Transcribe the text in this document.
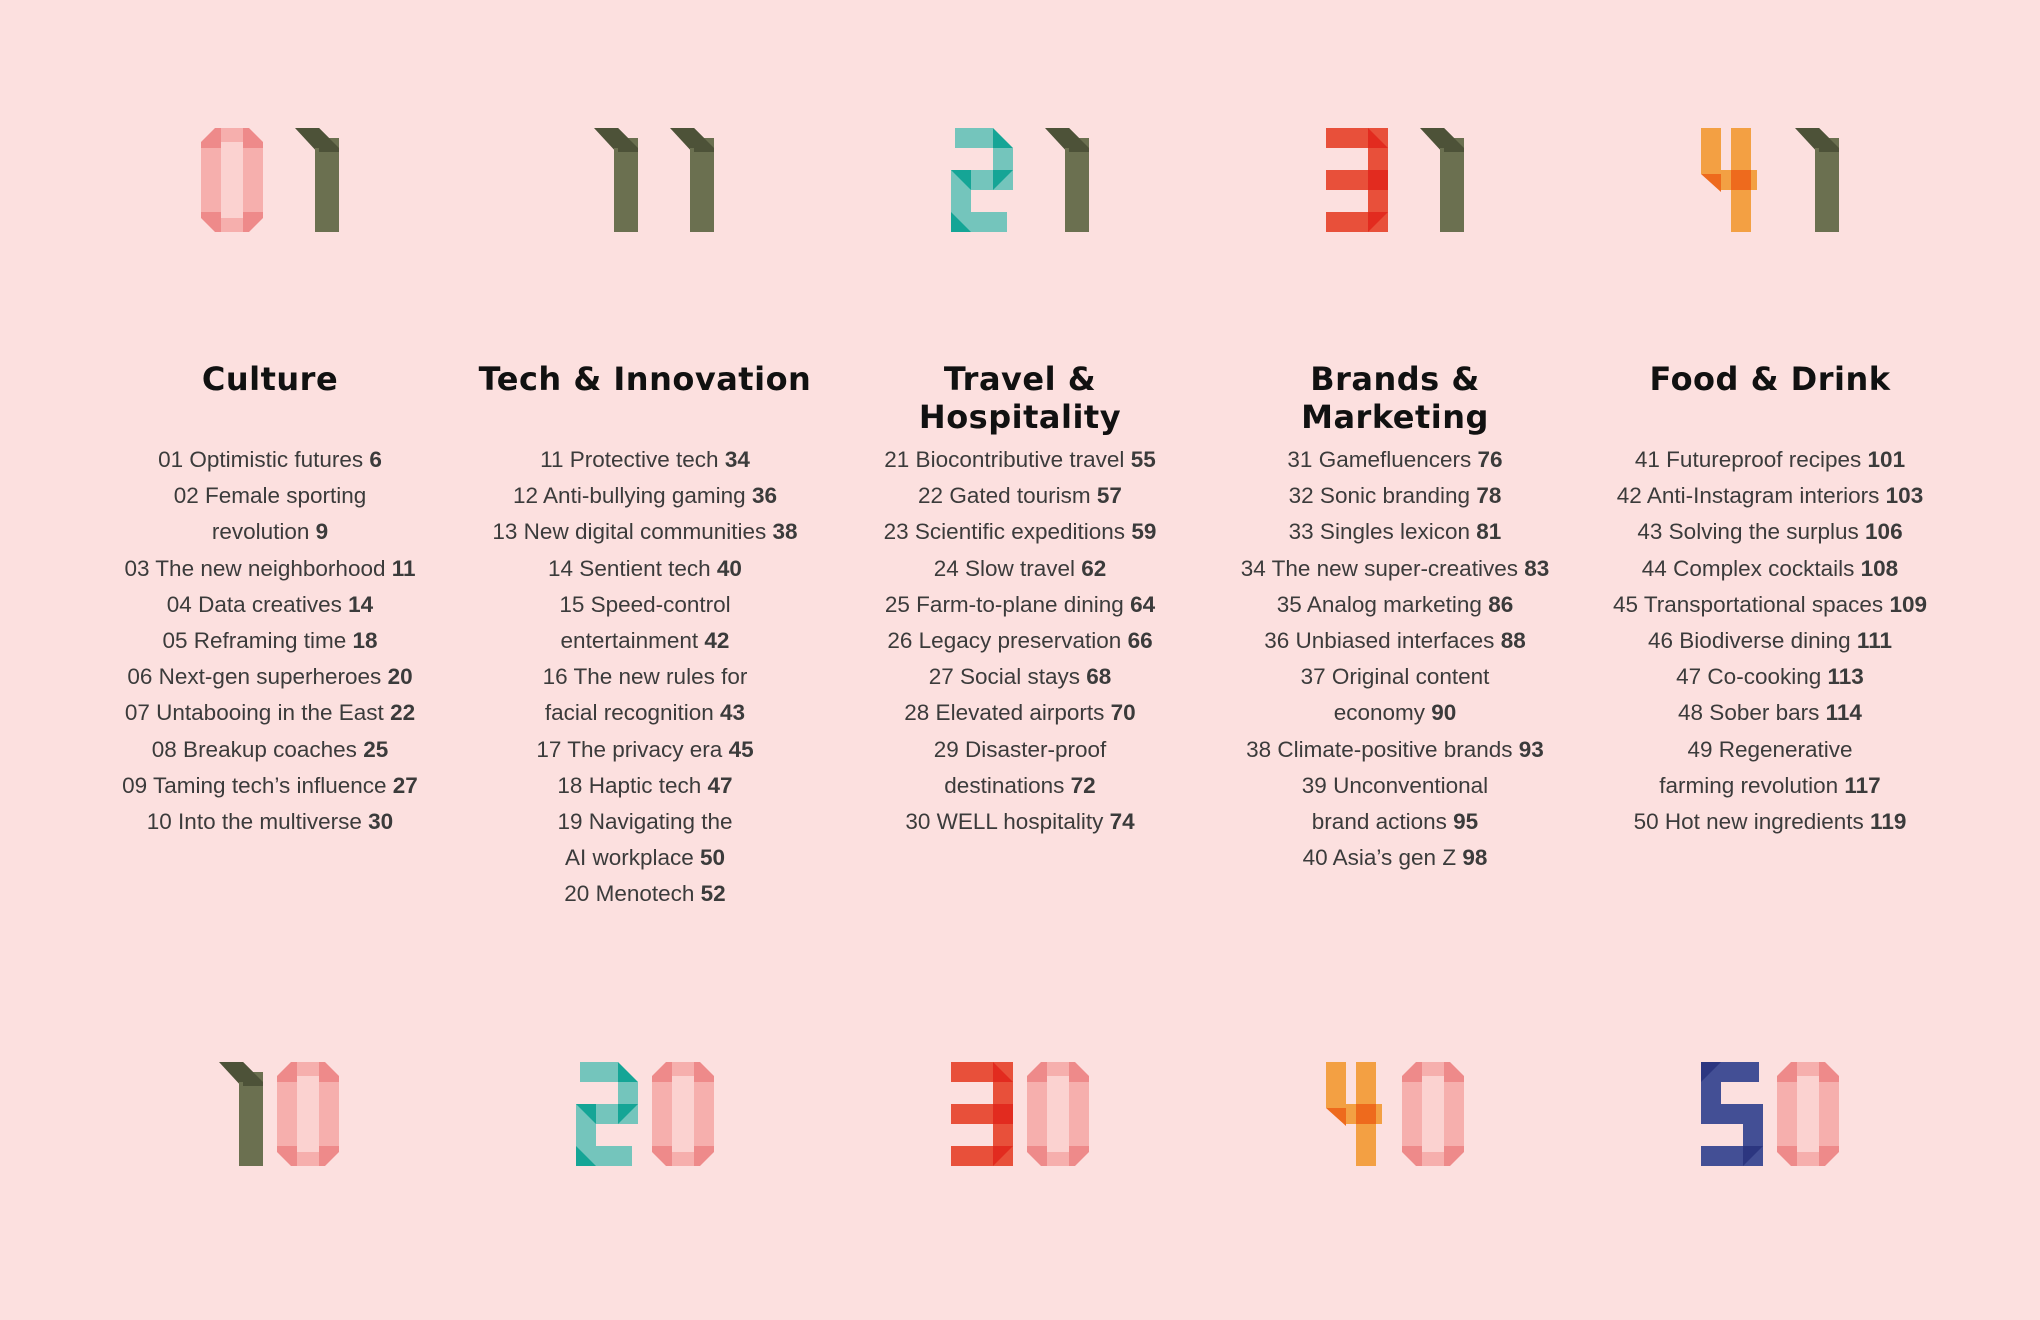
Culture
01 Optimistic futures 6
02 Female sporting
revolution 9
03 The new neighborhood 11
04 Data creatives 14
05 Reframing time 18
06 Next-gen superheroes 20
07 Untabooing in the East 22
08 Breakup coaches 25
09 Taming tech’s influence 27
10 Into the multiverse 30
Tech & Innovation
11 Protective tech 34
12 Anti-bullying gaming 36
13 New digital communities 38
14 Sentient tech 40
15 Speed-control
entertainment 42
16 The new rules for
facial recognition 43
17 The privacy era 45
18 Haptic tech 47
19 Navigating the
AI workplace 50
20 Menotech 52
Travel & Hospitality
21 Biocontributive travel 55
22 Gated tourism 57
23 Scientific expeditions 59
24 Slow travel 62
25 Farm-to-plane dining 64
26 Legacy preservation 66
27 Social stays 68
28 Elevated airports 70
29 Disaster-proof
destinations 72
30 WELL hospitality 74
Brands & Marketing
31 Gamefluencers 76
32 Sonic branding 78
33 Singles lexicon 81
34 The new super-creatives 83
35 Analog marketing 86
36 Unbiased interfaces 88
37 Original content
economy 90
38 Climate-positive brands 93
39 Unconventional
brand actions 95
40 Asia’s gen Z 98
Food & Drink
41 Futureproof recipes 101
42 Anti-Instagram interiors 103
43 Solving the surplus 106
44 Complex cocktails 108
45 Transportational spaces 109
46 Biodiverse dining 111
47 Co-cooking 113
48 Sober bars 114
49 Regenerative
farming revolution 117
50 Hot new ingredients 119
